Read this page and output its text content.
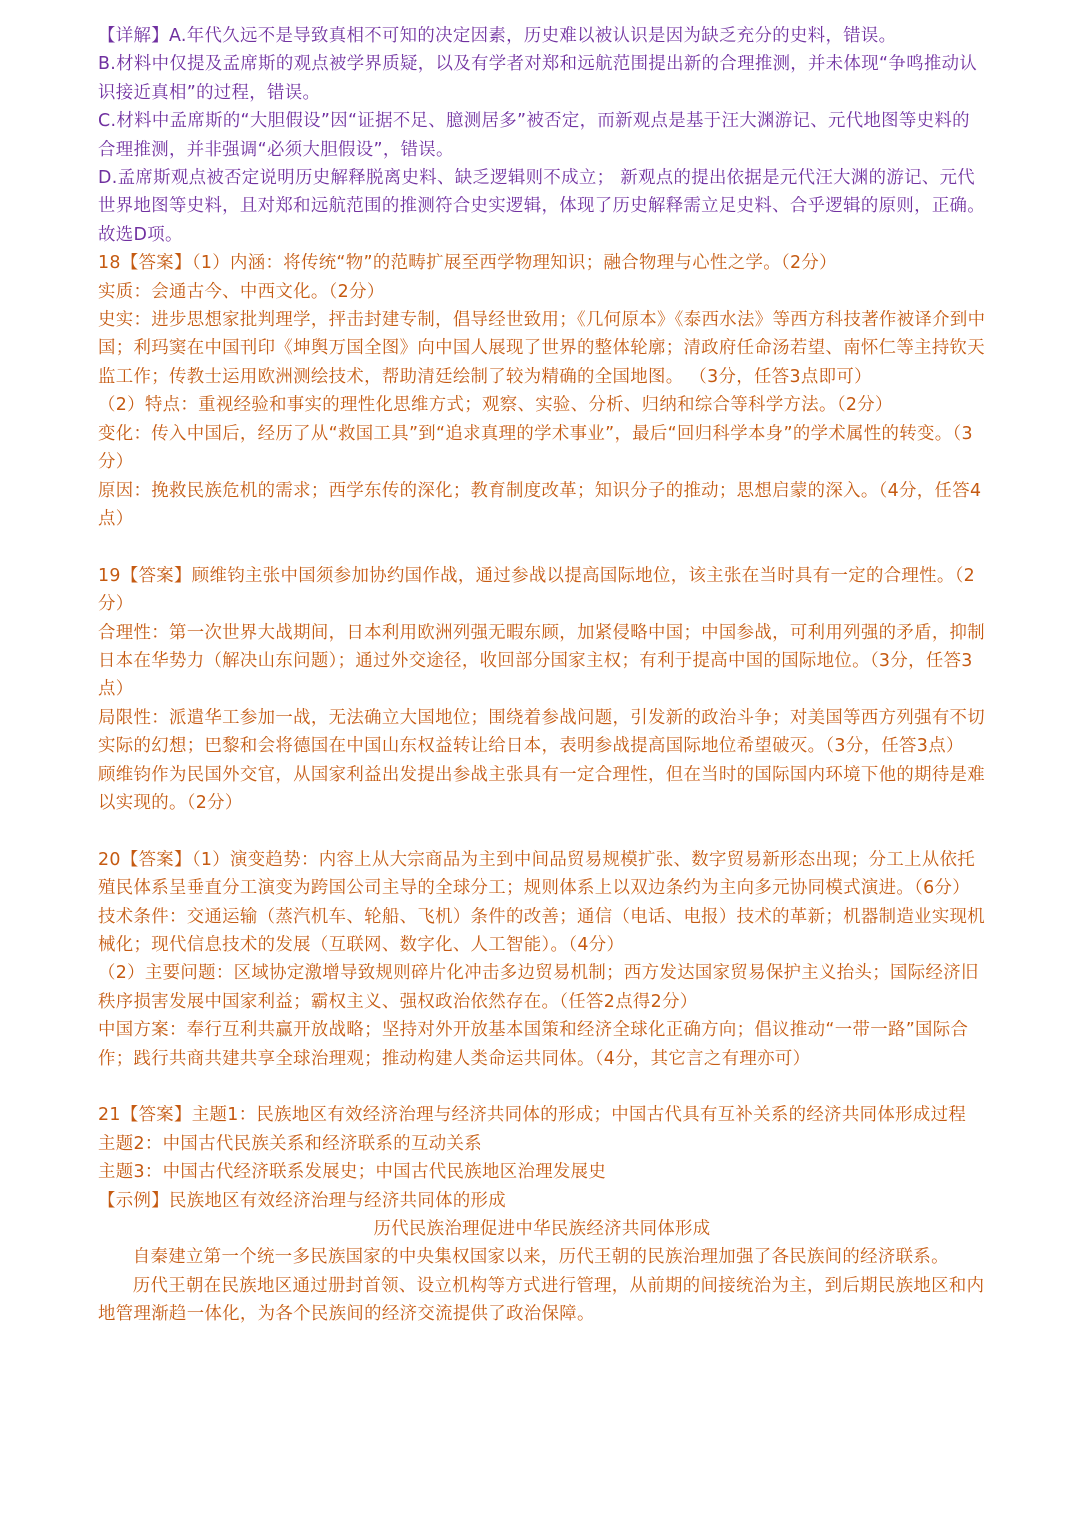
【详解】A.年代久远不是导致真相不可知的决定因素，历史难以被认识是因为缺乏充分的史料，错误。

B.材料中仅提及孟席斯的观点被学界质疑，以及有学者对郑和远航范围提出新的合理推测，并未体现“争鸣推动认识接近真相”的过程，错误。

C.材料中孟席斯的“大胆假设”因“证据不足、臆测居多”被否定，而新观点是基于汪大渊游记、元代地图等史料的合理推测，并非强调“必须大胆假设”，错误。

D.孟席斯观点被否定说明历史解释脱离史料、缺乏逻辑则不成立； 新观点的提出依据是元代汪大渊的游记、元代世界地图等史料，且对郑和远航范围的推测符合史实逻辑，体现了历史解释需立足史料、合乎逻辑的原则，正确。

故选D项。

18【答案】（1）内涵：将传统“物”的范畴扩展至西学物理知识；融合物理与心性之学。（2分）

实质：会通古今、中西文化。（2分）

史实：进步思想家批判理学，抨击封建专制，倡导经世致用；《几何原本》《泰西水法》等西方科技著作被译介到中国；利玛窦在中国刊印《坤舆万国全图》向中国人展现了世界的整体轮廓；清政府任命汤若望、南怀仁等主持钦天监工作；传教士运用欧洲测绘技术，帮助清廷绘制了较为精确的全国地图。 （3分，任答3点即可）

（2）特点：重视经验和事实的理性化思维方式；观察、实验、分析、归纳和综合等科学方法。（2分）

变化：传入中国后，经历了从“救国工具”到“追求真理的学术事业”，最后“回归科学本身”的学术属性的转变。（3分）

原因：挽救民族危机的需求；西学东传的深化；教育制度改革；知识分子的推动；思想启蒙的深入。（4分，任答4点）

19【答案】顾维钧主张中国须参加协约国作战，通过参战以提高国际地位，该主张在当时具有一定的合理性。（2分）

合理性：第一次世界大战期间，日本利用欧洲列强无暇东顾，加紧侵略中国；中国参战，可利用列强的矛盾，抑制日本在华势力（解决山东问题）；通过外交途径，收回部分国家主权；有利于提高中国的国际地位。（3分，任答3点）

局限性：派遣华工参加一战，无法确立大国地位；围绕着参战问题，引发新的政治斗争；对美国等西方列强有不切实际的幻想；巴黎和会将德国在中国山东权益转让给日本，表明参战提高国际地位希望破灭。（3分，任答3点）

顾维钧作为民国外交官，从国家利益出发提出参战主张具有一定合理性，但在当时的国际国内环境下他的期待是难以实现的。（2分）

20【答案】（1）演变趋势：内容上从大宗商品为主到中间品贸易规模扩张、数字贸易新形态出现；分工上从依托殖民体系呈垂直分工演变为跨国公司主导的全球分工；规则体系上以双边条约为主向多元协同模式演进。（6分）

技术条件：交通运输（蒸汽机车、轮船、飞机）条件的改善；通信（电话、电报）技术的革新；机器制造业实现机械化；现代信息技术的发展（互联网、数字化、人工智能）。（4分）

（2）主要问题：区域协定激增导致规则碎片化冲击多边贸易机制；西方发达国家贸易保护主义抬头；国际经济旧秩序损害发展中国家利益；霸权主义、强权政治依然存在。（任答2点得2分）

中国方案：奉行互利共赢开放战略；坚持对外开放基本国策和经济全球化正确方向；倡议推动“一带一路”国际合作；践行共商共建共享全球治理观；推动构建人类命运共同体。（4分，其它言之有理亦可）

21【答案】主题1：民族地区有效经济治理与经济共同体的形成；中国古代具有互补关系的经济共同体形成过程

主题2：中国古代民族关系和经济联系的互动关系

主题3：中国古代经济联系发展史；中国古代民族地区治理发展史

【示例】民族地区有效经济治理与经济共同体的形成

历代民族治理促进中华民族经济共同体形成

自秦建立第一个统一多民族国家的中央集权国家以来，历代王朝的民族治理加强了各民族间的经济联系。

历代王朝在民族地区通过册封首领、设立机构等方式进行管理，从前期的间接统治为主，到后期民族地区和内地管理渐趋一体化，为各个民族间的经济交流提供了政治保障。
